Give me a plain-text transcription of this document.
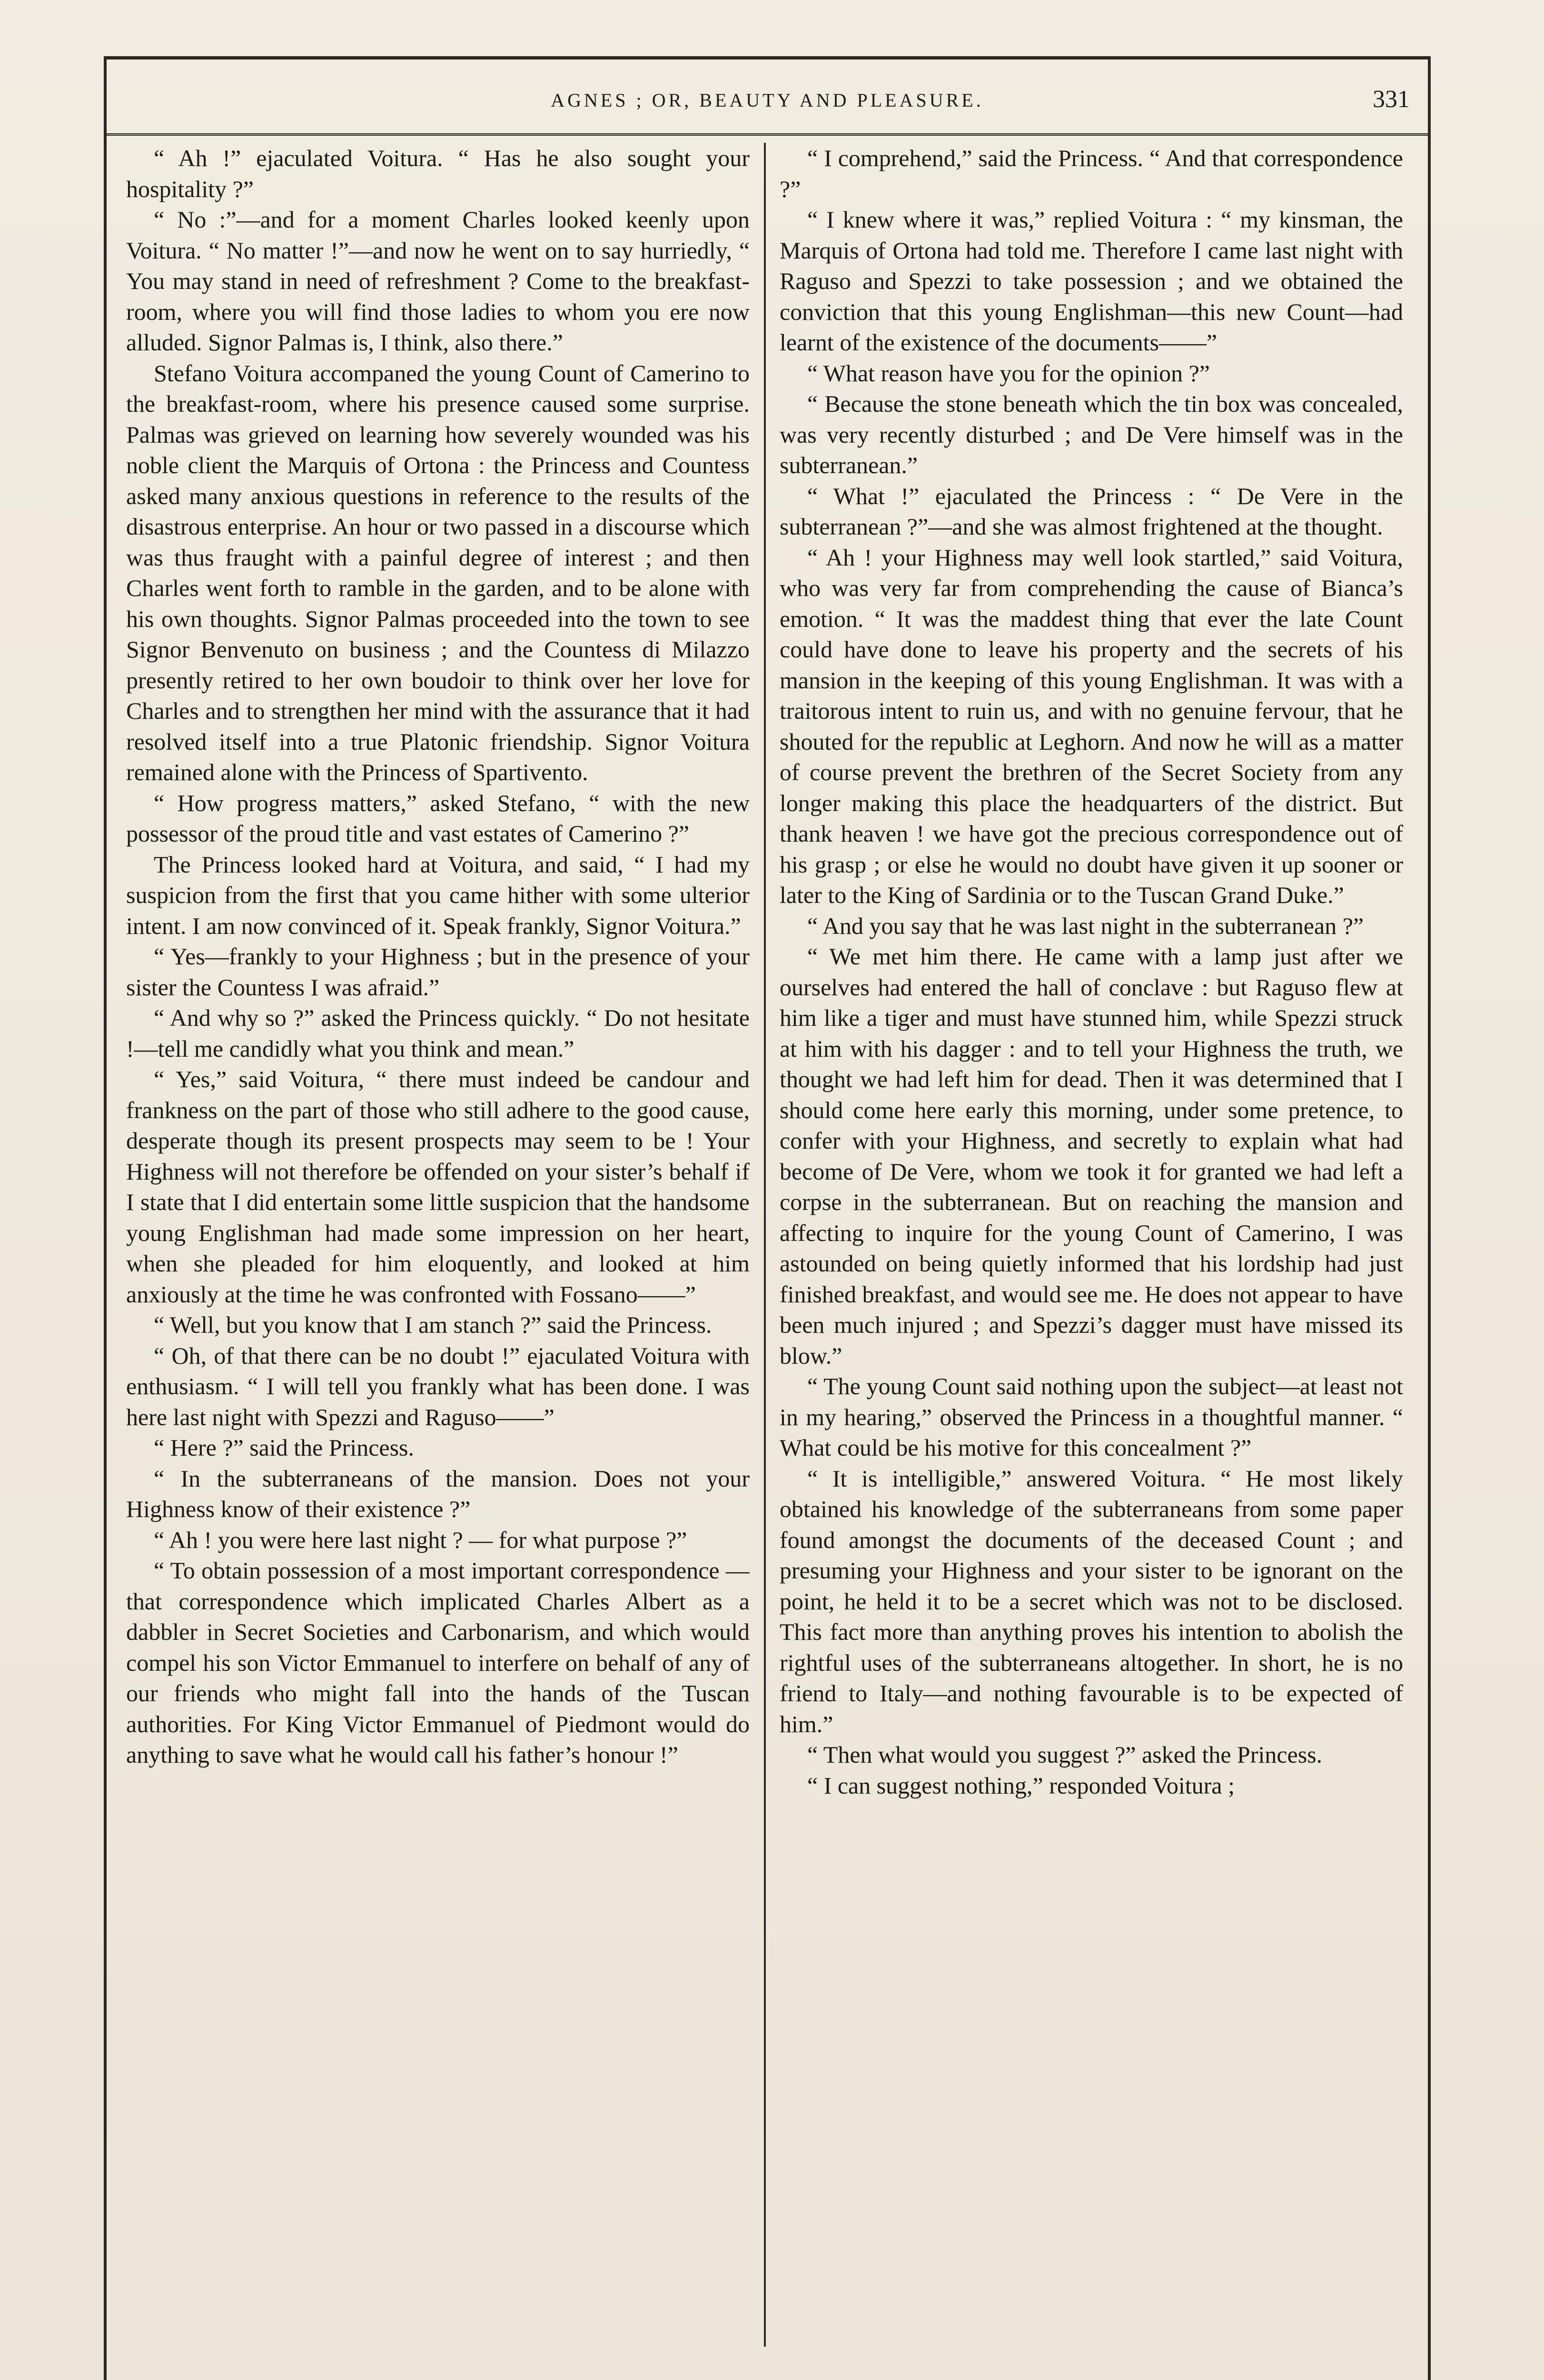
AGNES ; OR, BEAUTY AND PLEASURE.	331

“ Ah !” ejaculated Voitura. “ Has he also sought your hospitality ?”

“ No :”—and for a moment Charles looked keenly upon Voitura. “ No matter !”—and now he went on to say hurriedly, “ You may stand in need of refreshment ? Come to the breakfast-room, where you will find those ladies to whom you ere now alluded. Signor Palmas is, I think, also there.”

Stefano Voitura accompaned the young Count of Camerino to the breakfast-room, where his presence caused some surprise. Palmas was grieved on learning how severely wounded was his noble client the Marquis of Ortona : the Princess and Countess asked many anxious questions in reference to the results of the disastrous enterprise. An hour or two passed in a discourse which was thus fraught with a painful degree of interest ; and then Charles went forth to ramble in the garden, and to be alone with his own thoughts. Signor Palmas proceeded into the town to see Signor Benvenuto on business ; and the Countess di Milazzo presently retired to her own boudoir to think over her love for Charles and to strengthen her mind with the assurance that it had resolved itself into a true Platonic friendship. Signor Voitura remained alone with the Princess of Spartivento.

“ How progress matters,” asked Stefano, “ with the new possessor of the proud title and vast estates of Camerino ?”

The Princess looked hard at Voitura, and said, “ I had my suspicion from the first that you came hither with some ulterior intent. I am now convinced of it. Speak frankly, Signor Voitura.”

“ Yes—frankly to your Highness ; but in the presence of your sister the Countess I was afraid.”

“ And why so ?” asked the Princess quickly. “ Do not hesitate !—tell me candidly what you think and mean.”

“ Yes,” said Voitura, “ there must indeed be candour and frankness on the part of those who still adhere to the good cause, desperate though its present prospects may seem to be ! Your Highness will not therefore be offended on your sister’s behalf if I state that I did entertain some little suspicion that the handsome young Englishman had made some impression on her heart, when she pleaded for him eloquently, and looked at him anxiously at the time he was confronted with Fossano——”

“ Well, but you know that I am stanch ?” said the Princess.

“ Oh, of that there can be no doubt !” ejaculated Voitura with enthusiasm. “ I will tell you frankly what has been done. I was here last night with Spezzi and Raguso——”

“ Here ?” said the Princess.

“ In the subterraneans of the mansion. Does not your Highness know of their existence ?”

“ Ah ! you were here last night ? — for what purpose ?”

“ To obtain possession of a most important correspondence — that correspondence which implicated Charles Albert as a dabbler in Secret Societies and Carbonarism, and which would compel his son Victor Emmanuel to interfere on behalf of any of our friends who might fall into the hands of the Tuscan authorities. For King Victor Emmanuel of Piedmont would do anything to save what he would call his father’s honour !”

“ I comprehend,” said the Princess. “ And that correspondence ?”

“ I knew where it was,” replied Voitura : “ my kinsman, the Marquis of Ortona had told me. Therefore I came last night with Raguso and Spezzi to take possession ; and we obtained the conviction that this young Englishman—this new Count—had learnt of the existence of the documents——”

“ What reason have you for the opinion ?”

“ Because the stone beneath which the tin box was concealed, was very recently disturbed ; and De Vere himself was in the subterranean.”

“ What !” ejaculated the Princess : “ De Vere in the subterranean ?”—and she was almost frightened at the thought.

“ Ah ! your Highness may well look startled,” said Voitura, who was very far from comprehending the cause of Bianca’s emotion. “ It was the maddest thing that ever the late Count could have done to leave his property and the secrets of his mansion in the keeping of this young Englishman. It was with a traitorous intent to ruin us, and with no genuine fervour, that he shouted for the republic at Leghorn. And now he will as a matter of course prevent the brethren of the Secret Society from any longer making this place the headquarters of the district. But thank heaven ! we have got the precious correspondence out of his grasp ; or else he would no doubt have given it up sooner or later to the King of Sardinia or to the Tuscan Grand Duke.”

“ And you say that he was last night in the subterranean ?”

“ We met him there. He came with a lamp just after we ourselves had entered the hall of conclave : but Raguso flew at him like a tiger and must have stunned him, while Spezzi struck at him with his dagger : and to tell your Highness the truth, we thought we had left him for dead. Then it was determined that I should come here early this morning, under some pretence, to confer with your Highness, and secretly to explain what had become of De Vere, whom we took it for granted we had left a corpse in the subterranean. But on reaching the mansion and affecting to inquire for the young Count of Camerino, I was astounded on being quietly informed that his lordship had just finished breakfast, and would see me. He does not appear to have been much injured ; and Spezzi’s dagger must have missed its blow.”

“ The young Count said nothing upon the subject—at least not in my hearing,” observed the Princess in a thoughtful manner. “ What could be his motive for this concealment ?”

“ It is intelligible,” answered Voitura. “ He most likely obtained his knowledge of the subterraneans from some paper found amongst the documents of the deceased Count ; and presuming your Highness and your sister to be ignorant on the point, he held it to be a secret which was not to be disclosed. This fact more than anything proves his intention to abolish the rightful uses of the subterraneans altogether. In short, he is no friend to Italy—and nothing favourable is to be expected of him.”

“ Then what would you suggest ?” asked the Princess.

“ I can suggest nothing,” responded Voitura ;
